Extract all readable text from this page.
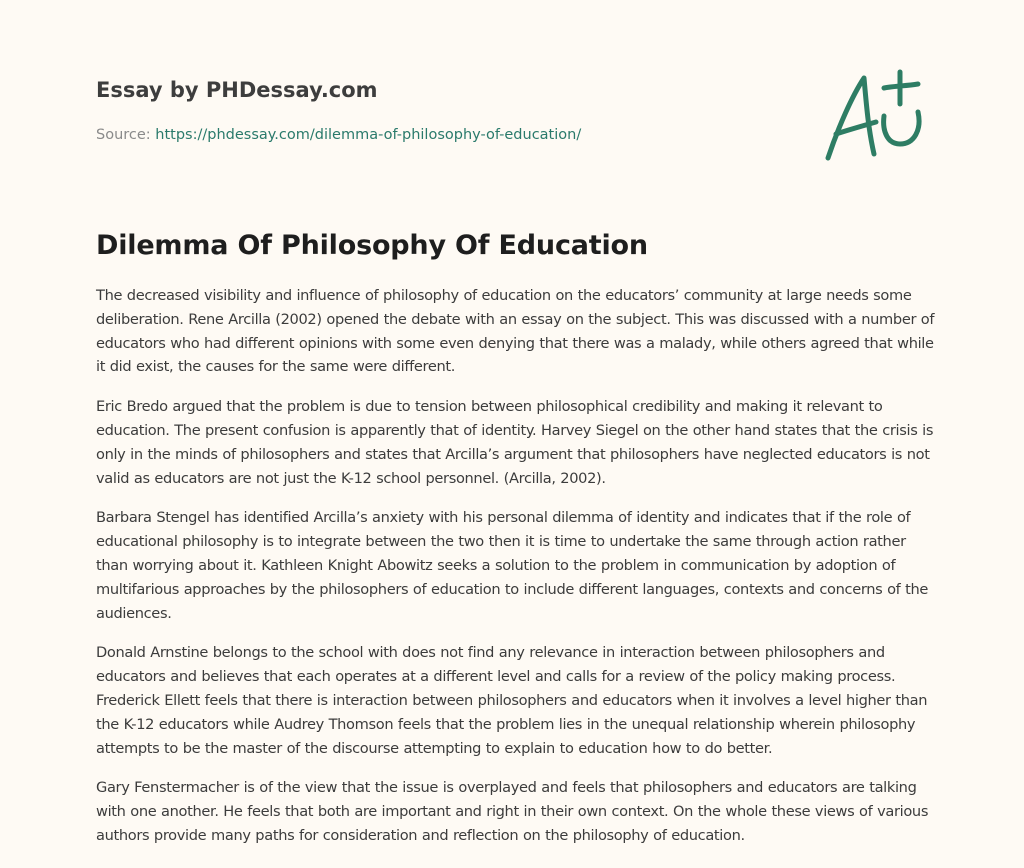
Essay by PHDessay.com
Source: https://phdessay.com/dilemma-of-philosophy-of-education/
Dilemma Of Philosophy Of Education

The decreased visibility and influence of philosophy of education on the educators’ community at large needs some deliberation. Rene Arcilla (2002) opened the debate with an essay on the subject. This was discussed with a number of educators who had different opinions with some even denying that there was a malady, while others agreed that while it did exist, the causes for the same were different.

Eric Bredo argued that the problem is due to tension between philosophical credibility and making it relevant to education. The present confusion is apparently that of identity. Harvey Siegel on the other hand states that the crisis is only in the minds of philosophers and states that Arcilla’s argument that philosophers have neglected educators is not valid as educators are not just the K-12 school personnel. (Arcilla, 2002).

Barbara Stengel has identified Arcilla’s anxiety with his personal dilemma of identity and indicates that if the role of educational philosophy is to integrate between the two then it is time to undertake the same through action rather than worrying about it. Kathleen Knight Abowitz seeks a solution to the problem in communication by adoption of multifarious approaches by the philosophers of education to include different languages, contexts and concerns of the audiences.

Donald Arnstine belongs to the school with does not find any relevance in interaction between philosophers and educators and believes that each operates at a different level and calls for a review of the policy making process. Frederick Ellett feels that there is interaction between philosophers and educators when it involves a level higher than the K-12 educators while Audrey Thomson feels that the problem lies in the unequal relationship wherein philosophy attempts to be the master of the discourse attempting to explain to education how to do better.

Gary Fenstermacher is of the view that the issue is overplayed and feels that philosophers and educators are talking with one another. He feels that both are important and right in their own context. On the whole these views of various authors provide many paths for consideration and reflection on the philosophy of education.
